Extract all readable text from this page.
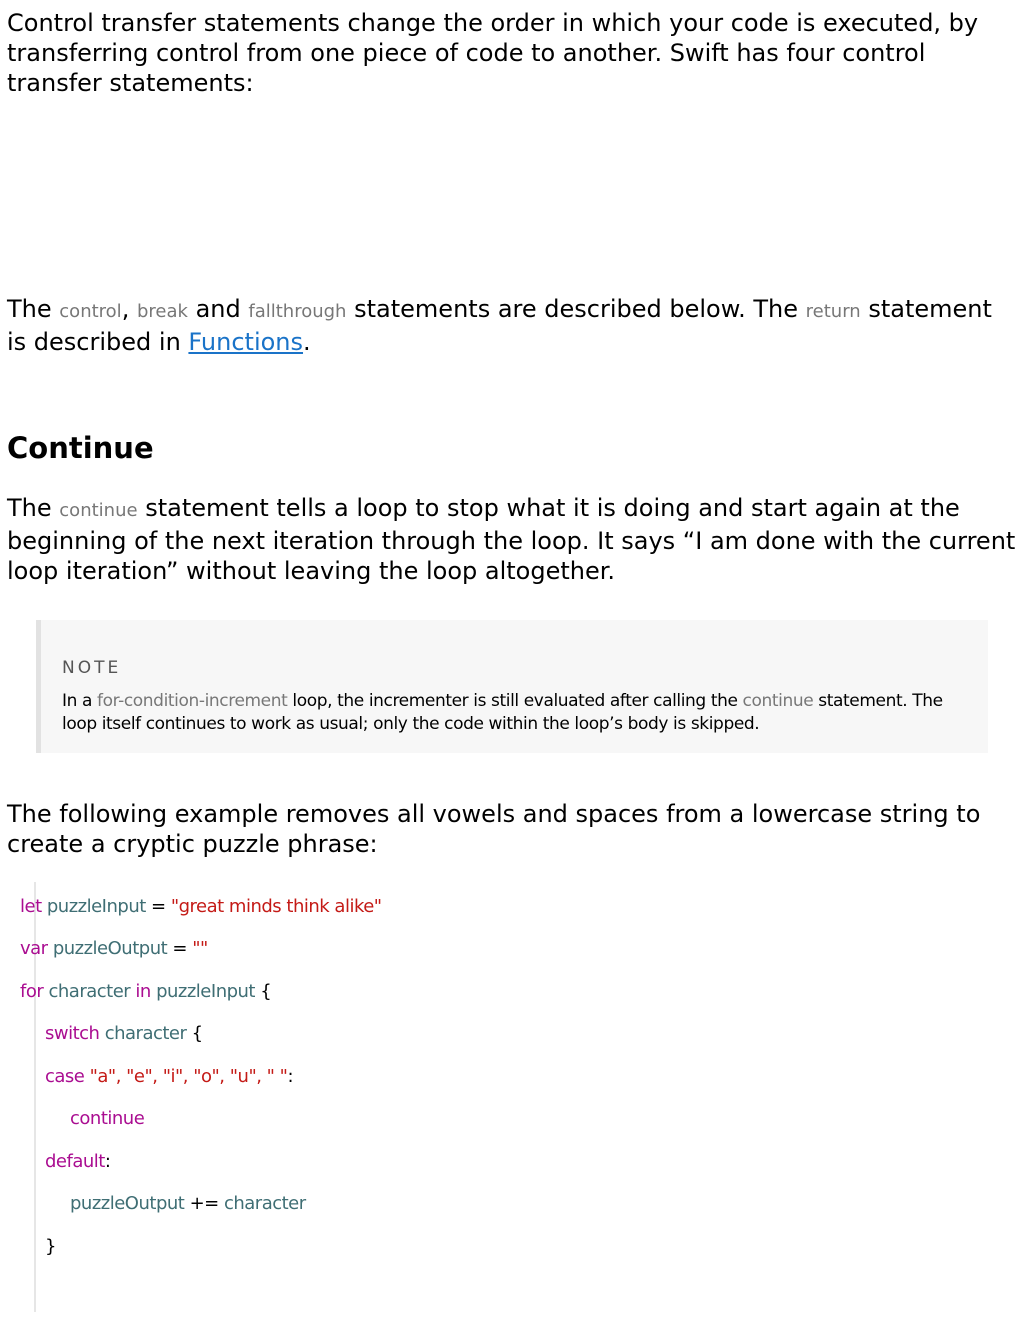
Control transfer statements change the order in which your code is executed, by transferring control from one piece of code to another. Swift has four control transfer statements:

The control, break and fallthrough statements are described below. The return statement is described in Functions.

Continue

The continue statement tells a loop to stop what it is doing and start again at the beginning of the next iteration through the loop. It says “I am done with the current loop iteration” without leaving the loop altogether.

NOTE
In a for-condition-increment loop, the incrementer is still evaluated after calling the continue statement. The loop itself continues to work as usual; only the code within the loop’s body is skipped.

The following example removes all vowels and spaces from a lowercase string to create a cryptic puzzle phrase:

let puzzleInput = "great minds think alike"
var puzzleOutput = ""
for character in puzzleInput {
switch character {
case "a", "e", "i", "o", "u", " ":
continue
default:
puzzleOutput += character
}
